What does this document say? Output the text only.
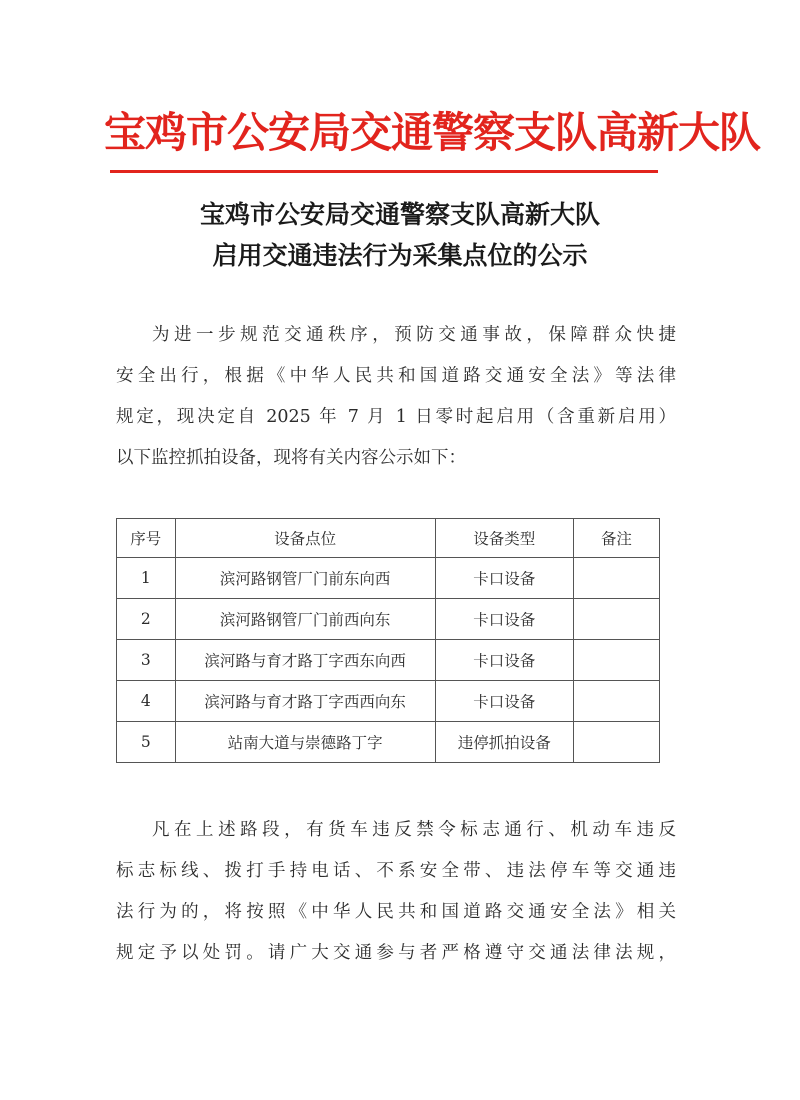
宝鸡市公安局交通警察支队高新大队
宝鸡市公安局交通警察支队高新大队
启用交通违法行为采集点位的公示
为进一步规范交通秩序，预防交通事故，保障群众快捷
安全出行，根据《中华人民共和国道路交通安全法》等法律
规定，现决定自 2025 年 7 月 1 日零时起启用（含重新启用）
以下监控抓拍设备，现将有关内容公示如下：
序号	设备点位	设备类型	备注
1	滨河路钢管厂门前东向西	卡口设备	
2	滨河路钢管厂门前西向东	卡口设备	
3	滨河路与育才路丁字西东向西	卡口设备	
4	滨河路与育才路丁字西西向东	卡口设备	
5	站南大道与崇德路丁字	违停抓拍设备	
凡在上述路段，有货车违反禁令标志通行、机动车违反
标志标线、拨打手持电话、不系安全带、违法停车等交通违
法行为的，将按照《中华人民共和国道路交通安全法》相关
规定予以处罚。请广大交通参与者严格遵守交通法律法规，
